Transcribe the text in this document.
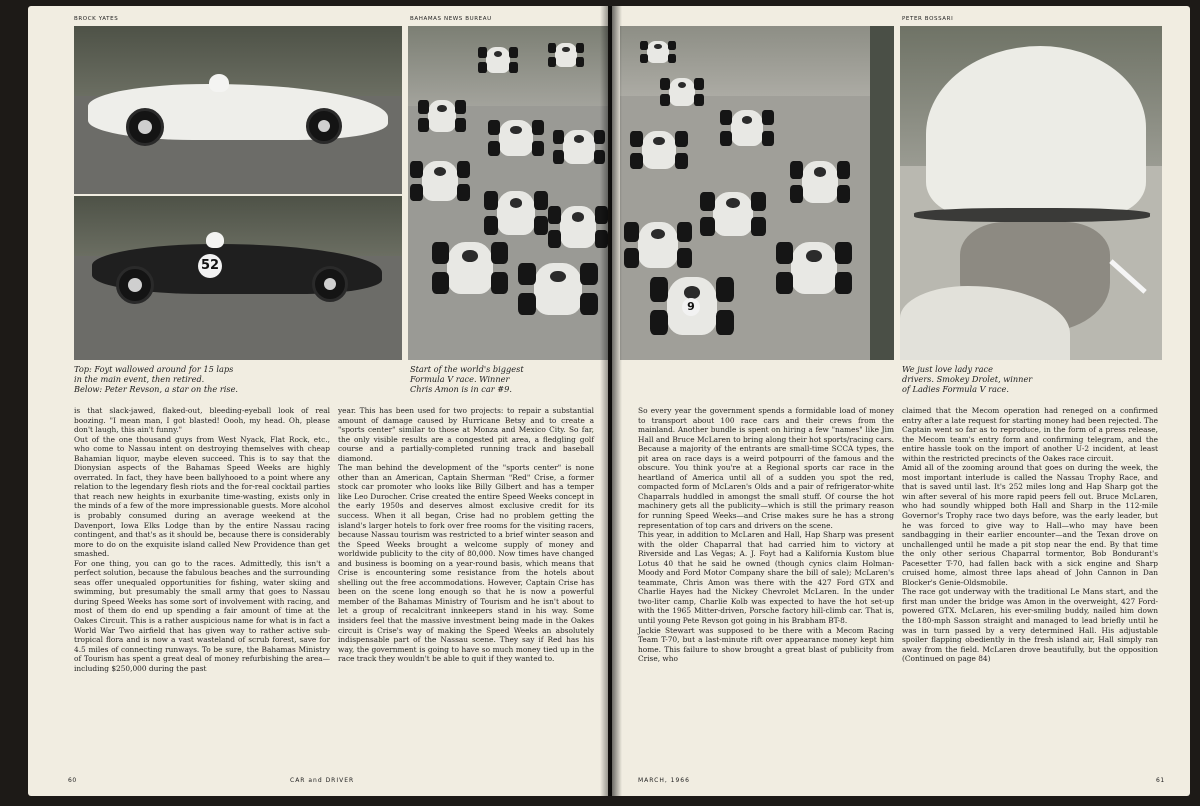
BROCK YATES	BAHAMAS NEWS BUREAU
52
Top: Foyt wallowed around for 15 laps
in the main event, then retired.
Below: Peter Revson, a star on the rise.
Start of the world's biggest
Formula V race. Winner
Chris Amon is in car #9.
is that slack-jawed, flaked-out, bleeding-eyeball look of real boozing. "I mean man, I got blasted! Oooh, my head. Oh, please don't laugh, this ain't funny."
Out of the one thousand guys from West Nyack, Flat Rock, etc., who come to Nassau intent on destroying themselves with cheap Bahamian liquor, maybe eleven succeed. This is to say that the Dionysian aspects of the Bahamas Speed Weeks are highly overrated. In fact, they have been ballyhooed to a point where any relation to the legendary flesh riots and the for-real cocktail parties that reach new heights in exurbanite time-wasting, exists only in the minds of a few of the more impressionable guests. More alcohol is probably consumed during an average weekend at the Davenport, Iowa Elks Lodge than by the entire Nassau racing contingent, and that's as it should be, because there is considerably more to do on the exquisite island called New Providence than get smashed.
For one thing, you can go to the races. Admittedly, this isn't a perfect solution, because the fabulous beaches and the surrounding seas offer unequaled opportunities for fishing, water skiing and swimming, but presumably the small army that goes to Nassau during Speed Weeks has some sort of involvement with racing, and most of them do end up spending a fair amount of time at the Oakes Circuit. This is a rather auspicious name for what is in fact a World War Two airfield that has given way to rather active sub-tropical flora and is now a vast wasteland of scrub forest, save for 4.5 miles of connecting runways. To be sure, the Bahamas Ministry of Tourism has spent a great deal of money refurbishing the area—including $250,000 during the past
year. This has been used for two projects: to repair a substantial amount of damage caused by Hurricane Betsy and to create a "sports center" similar to those at Monza and Mexico City. So far, the only visible results are a congested pit area, a fledgling golf course and a partially-completed running track and baseball diamond.
The man behind the development of the "sports center" is none other than an American, Captain Sherman "Red" Crise, a former stock car promoter who looks like Billy Gilbert and has a temper like Leo Durocher. Crise created the entire Speed Weeks concept in the early 1950s and deserves almost exclusive credit for its success. When it all began, Crise had no problem getting the island's larger hotels to fork over free rooms for the visiting racers, because Nassau tourism was restricted to a brief winter season and the Speed Weeks brought a welcome supply of money and worldwide publicity to the city of 80,000. Now times have changed and business is booming on a year-round basis, which means that Crise is encountering some resistance from the hotels about shelling out the free accommodations. However, Captain Crise has been on the scene long enough so that he is now a powerful member of the Bahamas Ministry of Tourism and he isn't about to let a group of recalcitrant innkeepers stand in his way. Some insiders feel that the massive investment being made in the Oakes circuit is Crise's way of making the Speed Weeks an absolutely indispensable part of the Nassau scene. They say if Red has his way, the government is going to have so much money tied up in the race track they wouldn't be able to quit if they wanted to.
60	CAR and DRIVER
PETER BOSSARI
9
We just love lady race
drivers. Smokey Drolet, winner
of Ladies Formula V race.
So every year the government spends a formidable load of money to transport about 100 race cars and their crews from the mainland. Another bundle is spent on hiring a few "names" like Jim Hall and Bruce McLaren to bring along their hot sports/racing cars. Because a majority of the entrants are small-time SCCA types, the pit area on race days is a weird potpourri of the famous and the obscure. You think you're at a Regional sports car race in the heartland of America until all of a sudden you spot the red, compacted form of McLaren's Olds and a pair of refrigerator-white Chaparrals huddled in amongst the small stuff. Of course the hot machinery gets all the publicity—which is still the primary reason for running Speed Weeks—and Crise makes sure he has a strong representation of top cars and drivers on the scene.
This year, in addition to McLaren and Hall, Hap Sharp was present with the older Chaparral that had carried him to victory at Riverside and Las Vegas; A. J. Foyt had a Kalifornia Kustom blue Lotus 40 that he said he owned (though cynics claim Holman-Moody and Ford Motor Company share the bill of sale); McLaren's teammate, Chris Amon was there with the 427 Ford GTX and Charlie Hayes had the Nickey Chevrolet McLaren. In the under two-liter camp, Charlie Kolb was expected to have the hot set-up with the 1965 Mitter-driven, Porsche factory hill-climb car. That is, until young Pete Revson got going in his Brabham BT-8.
Jackie Stewart was supposed to be there with a Mecom Racing Team T-70, but a last-minute rift over appearance money kept him home. This failure to show brought a great blast of publicity from Crise, who
claimed that the Mecom operation had reneged on a confirmed entry after a late request for starting money had been rejected. The Captain went so far as to reproduce, in the form of a press release, the Mecom team's entry form and confirming telegram, and the entire hassle took on the import of another U-2 incident, at least within the restricted precincts of the Oakes race circuit.
Amid all of the zooming around that goes on during the week, the most important interlude is called the Nassau Trophy Race, and that is saved until last. It's 252 miles long and Hap Sharp got the win after several of his more rapid peers fell out. Bruce McLaren, who had soundly whipped both Hall and Sharp in the 112-mile Governor's Trophy race two days before, was the early leader, but he was forced to give way to Hall—who may have been sandbagging in their earlier encounter—and the Texan drove on unchallenged until he made a pit stop near the end. By that time the only other serious Chaparral tormentor, Bob Bondurant's Pacesetter T-70, had fallen back with a sick engine and Sharp cruised home, almost three laps ahead of John Cannon in Dan Blocker's Genie-Oldsmobile.
The race got underway with the traditional Le Mans start, and the first man under the bridge was Amon in the overweight, 427 Ford-powered GTX. McLaren, his ever-smiling buddy, nailed him down the 180-mph Sasson straight and managed to lead briefly until he was in turn passed by a very determined Hall. His adjustable spoiler flapping obediently in the fresh island air, Hall simply ran away from the field. McLaren drove beautifully, but the opposition (Continued on page 84)
MARCH, 1966	61
